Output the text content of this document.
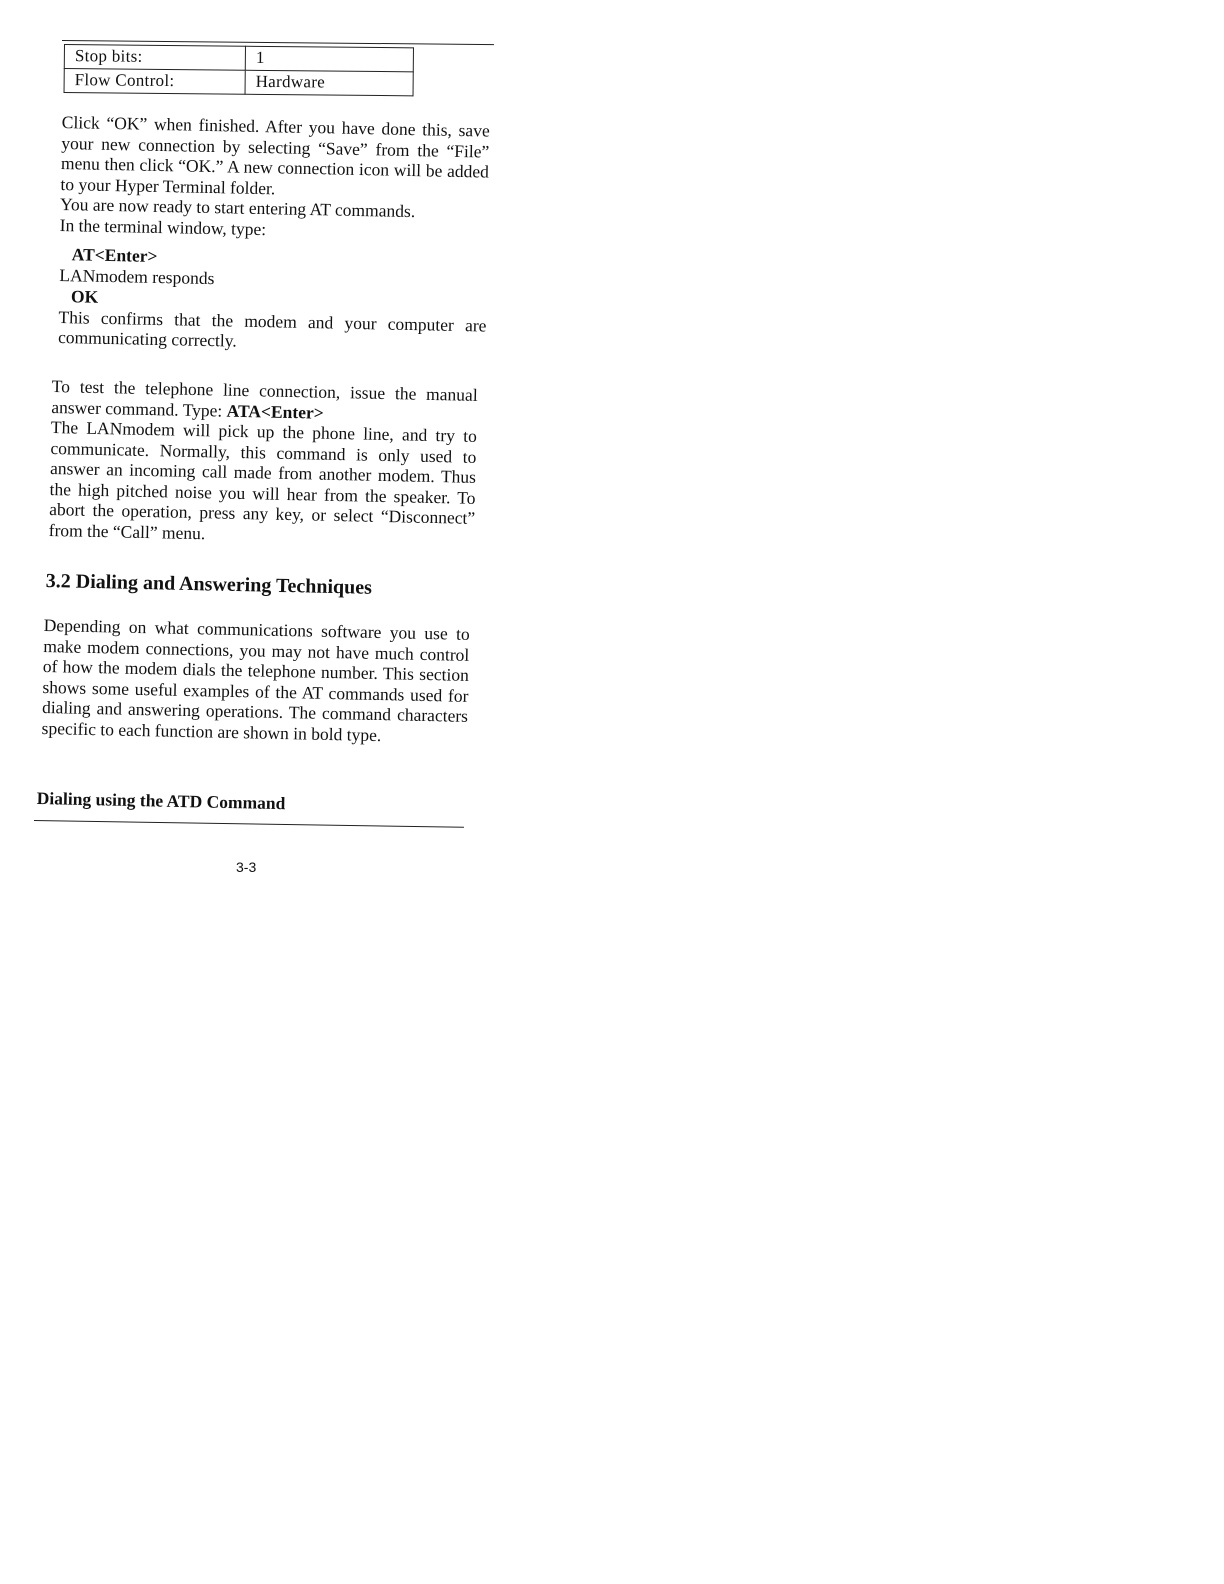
Stop bits:	1
Flow Control:	Hardware

Click “OK” when finished. After you have done this, save your new connection by selecting “Save” from the “File” menu then click “OK.” A new connection icon will be added to your Hyper Terminal folder.

You are now ready to start entering AT commands.

In the terminal window, type:

AT<Enter>

LANmodem responds

OK

This confirms that the modem and your computer are communicating correctly.

To test the telephone line connection, issue the manual answer command. Type: ATA<Enter>

The LANmodem will pick up the phone line, and try to communicate. Normally, this command is only used to answer an incoming call made from another modem. Thus the high pitched noise you will hear from the speaker. To abort the operation, press any key, or select “Disconnect” from the “Call” menu.

3.2 Dialing and Answering Techniques

Depending on what communications software you use to make modem connections, you may not have much control of how the modem dials the telephone number. This section shows some useful examples of the AT commands used for dialing and answering operations. The command characters specific to each function are shown in bold type.

Dialing using the ATD Command
3-3
